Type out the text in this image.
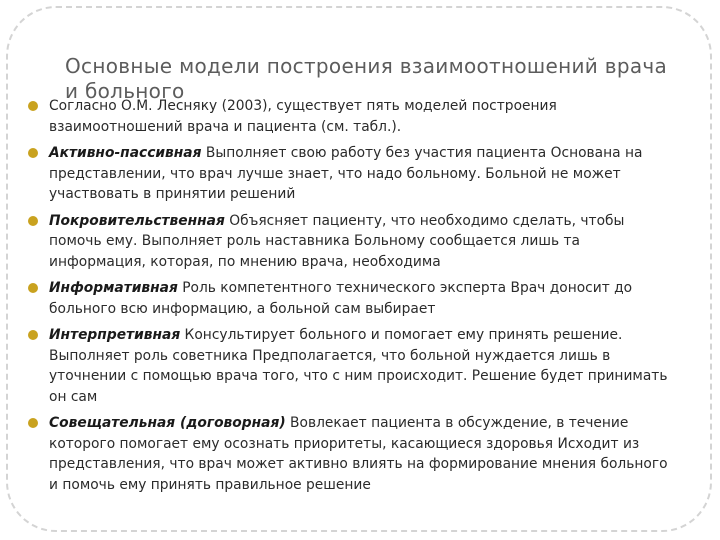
Основные модели построения взаимоотношений врача и больного
Согласно О.М. Лесняку (2003), существует пять моделей построения взаимоотношений врача и пациента (см. табл.).
Активно-пассивная Выполняет свою работу без участия пациента Основана на представлении, что врач лучше знает, что надо больному. Больной не может участвовать в принятии решений
Покровительственная Объясняет пациенту, что необходимо сделать, чтобы помочь ему. Выполняет роль наставника Больному сообщается лишь та информация, которая, по мнению врача, необходима
Информативная Роль компетентного технического эксперта Врач доносит до больного всю информацию, а больной сам выбирает
Интерпретивная Консультирует больного и помогает ему принять решение. Выполняет роль советника Предполагается, что больной нуждается лишь в уточнении с помощью врача того, что с ним происходит. Решение будет принимать он сам
Совещательная (договорная) Вовлекает пациента в обсуждение, в течение которого помогает ему осознать приоритеты, касающиеся здоровья Исходит из представления, что врач может активно влиять на формирование мнения больного и помочь ему принять правильное решение
